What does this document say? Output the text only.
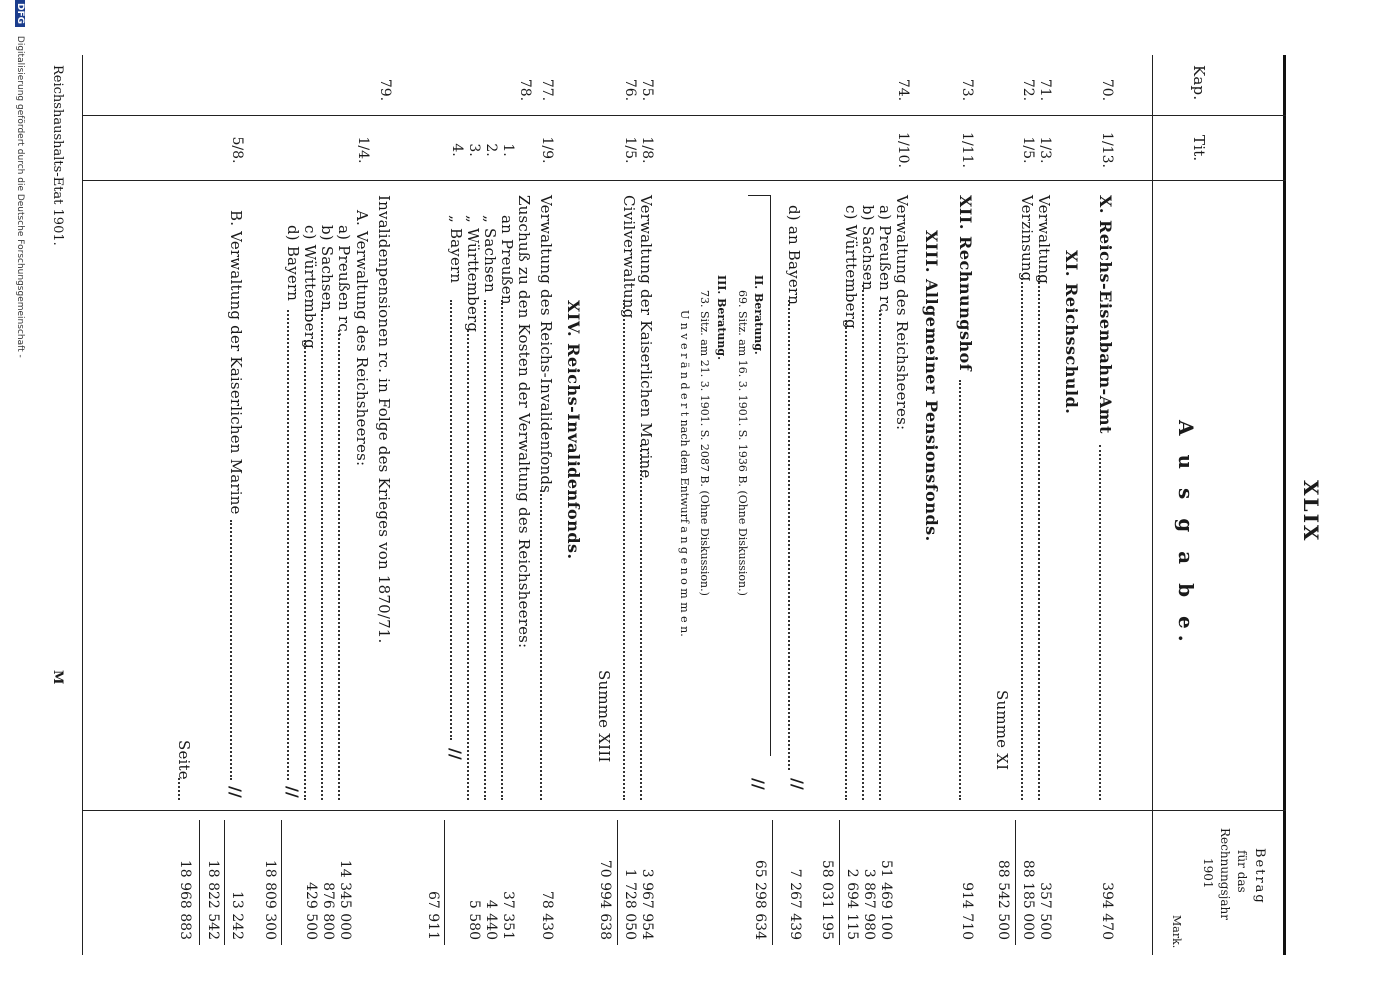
XLIX
Kap.
Tit.
A u s g a b e.
Betrag
für das
Rechnungsjahr
1901
Mark.
70.
1/13.
X. Reichs-Eisenbahn-Amt
394 470
XI. Reichsschuld.
71.
1/3.
Verwaltung
357 500
72.
1/5.
Verzinsung
88 185 000
Summe XI
88 542 500
73.
1/11.
XII. Rechnungshof
914 710
XIII. Allgemeiner Pensionsfonds.
74.
1/10.
Verwaltung des Reichsheeres:
a) Preußen rc.
51 469 100
b) Sachsen
3 867 980
c) Württemberg
2 694 115
58 031 195
d) an Bayern
//
7 267 439
II. Beratung.
69. Sitz. am 16. 3. 1901. S. 1936 B. (Ohne Diskussion.)
III. Beratung.
73. Sitz. am 21. 3. 1901. S. 2087 B. (Ohne Diskussion.)
U n v e r ä n d e r t nach dem Entwurf a n g e n o m m e n.
//
65 298 634
75.
1/8.
Verwaltung der Kaiserlichen Marine
3 967 954
76.
1/5.
Civilverwaltung
1 728 050
Summe XIII
70 994 638
XIV. Reichs-Invalidenfonds.
77.
1/9.
Verwaltung des Reichs-Invalidenfonds
78 430
78.
Zuschuß zu den Kosten der Verwaltung des Reichsheeres:
1.
an Preußen
37 351
2.
„ Sachsen
4 440
3.
„ Württemberg
5 580
4.
„ Bayern
//
67 911
79.
Invalidenpensionen rc. in Folge des Krieges von 1870/71.
1/4.
A. Verwaltung des Reichsheeres:
a) Preußen rc.
14 345 000
b) Sachsen
876 800
c) Württemberg
429 500
d) Bayern
//
18 809 300
5/8.
B. Verwaltung der Kaiserlichen Marine
//
13 242
18 822 542
Seite
18 968 883
Reichshaushalts-Etat 1901.
M
DFG Digitalisierung gefördert durch die Deutsche Forschungsgemeinschaft -
